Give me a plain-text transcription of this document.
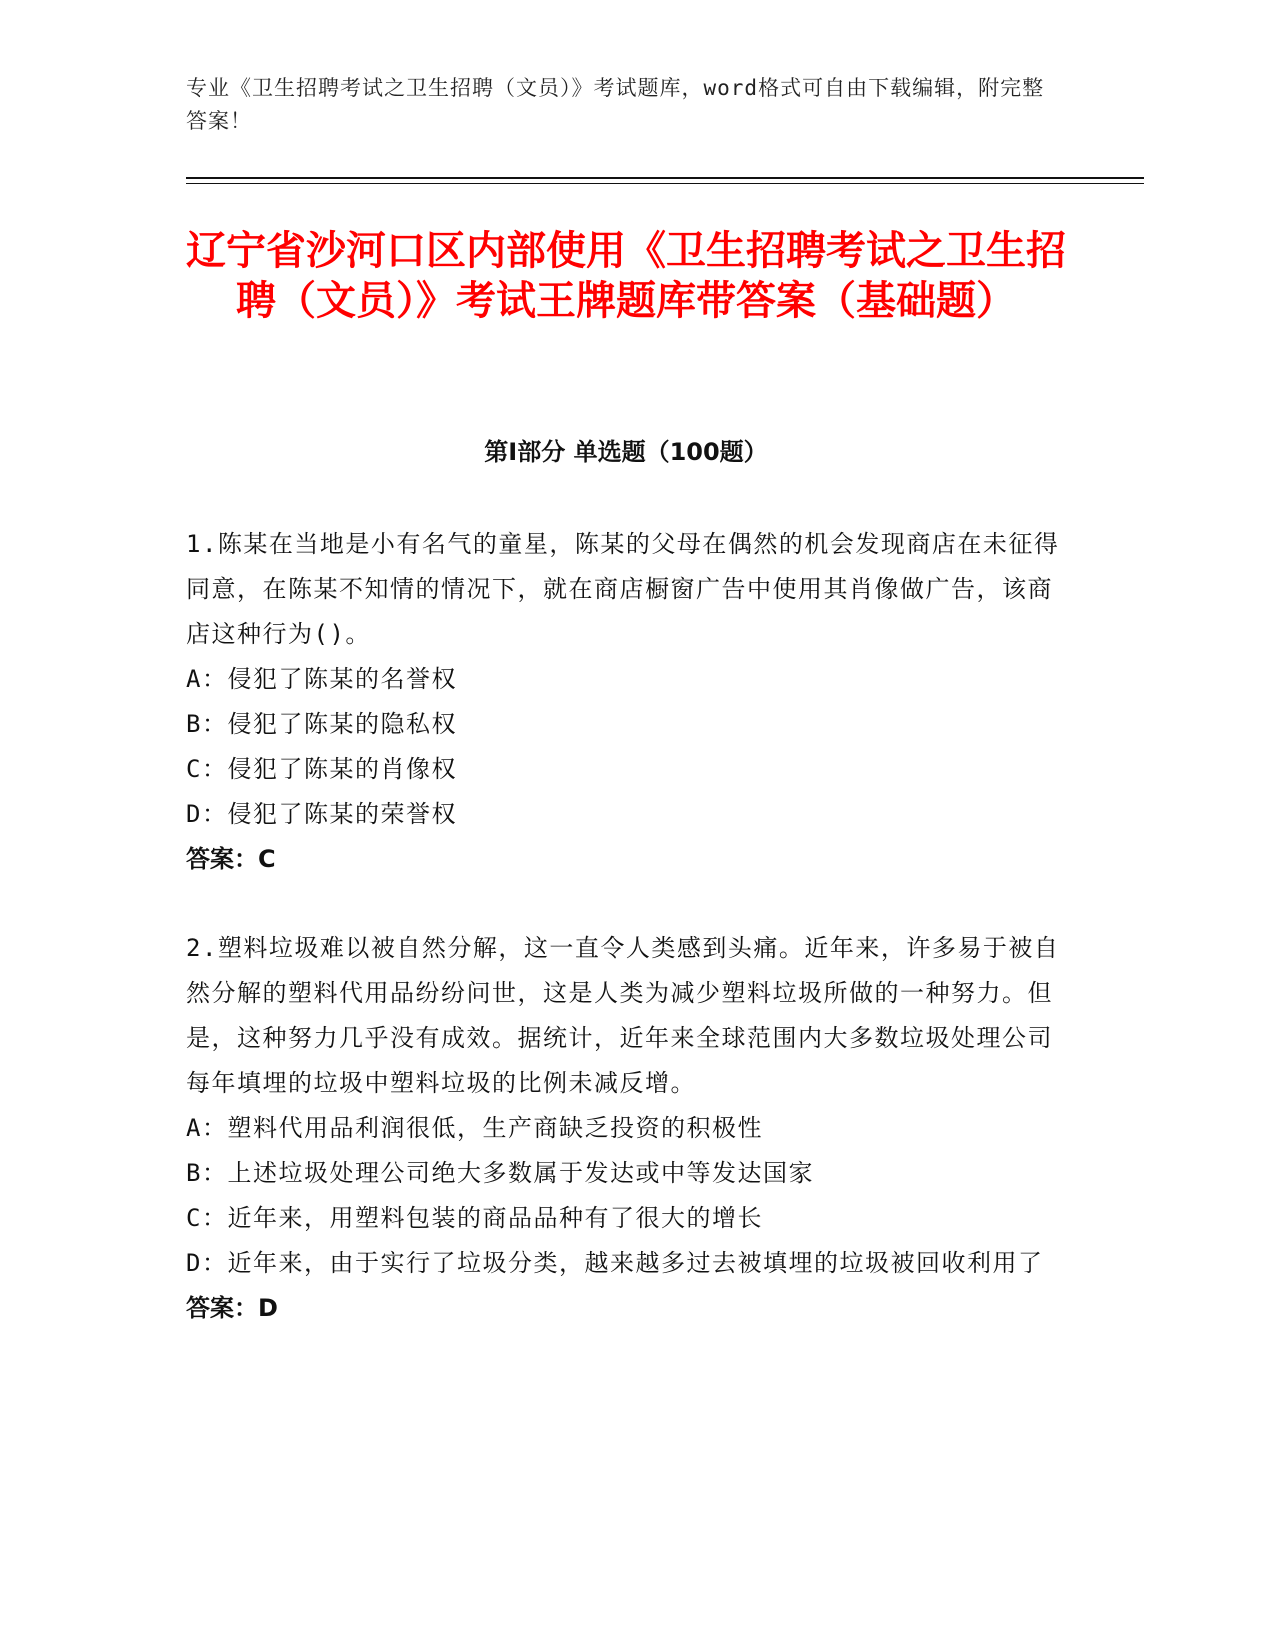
专业《卫生招聘考试之卫生招聘（文员）》考试题库，word格式可自由下载编辑，附完整答案！
辽宁省沙河口区内部使用《卫生招聘考试之卫生招聘（文员）》考试王牌题库带答案（基础题）
第Ⅰ部分 单选题（100题）

1.陈某在当地是小有名气的童星，陈某的父母在偶然的机会发现商店在未征得同意，在陈某不知情的情况下，就在商店橱窗广告中使用其肖像做广告，该商店这种行为()。

A：侵犯了陈某的名誉权

B：侵犯了陈某的隐私权

C：侵犯了陈某的肖像权

D：侵犯了陈某的荣誉权

答案：C

2.塑料垃圾难以被自然分解，这一直令人类感到头痛。近年来，许多易于被自然分解的塑料代用品纷纷问世，这是人类为减少塑料垃圾所做的一种努力。但是，这种努力几乎没有成效。据统计，近年来全球范围内大多数垃圾处理公司每年填埋的垃圾中塑料垃圾的比例未减反增。

A：塑料代用品利润很低，生产商缺乏投资的积极性

B：上述垃圾处理公司绝大多数属于发达或中等发达国家

C：近年来，用塑料包装的商品品种有了很大的增长

D：近年来，由于实行了垃圾分类，越来越多过去被填埋的垃圾被回收利用了

答案：D
